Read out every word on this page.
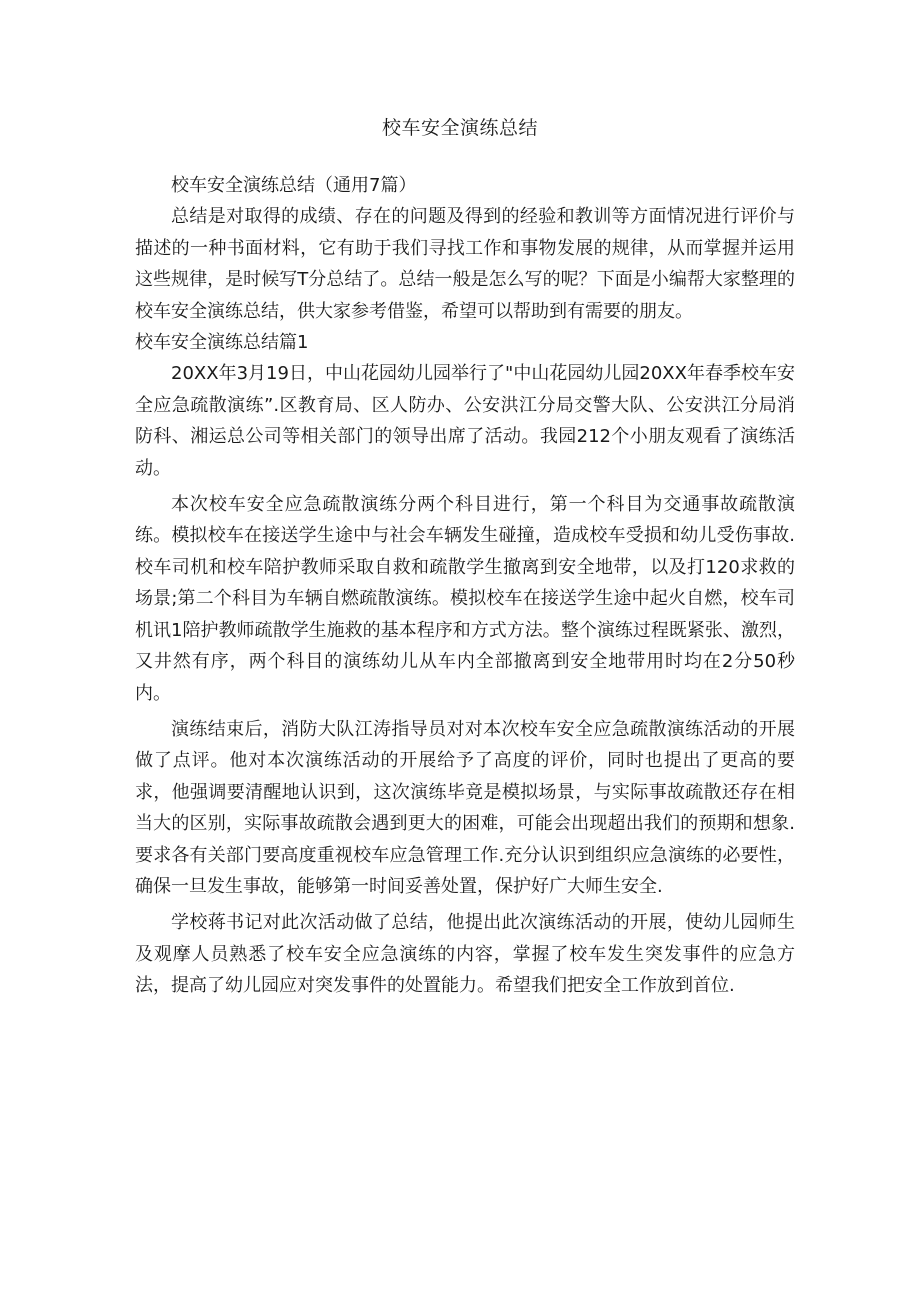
校车安全演练总结

校车安全演练总结（通用7篇）

总结是对取得的成绩、存在的问题及得到的经验和教训等方面情况进行评价与描述的一种书面材料，它有助于我们寻找工作和事物发展的规律，从而掌握并运用这些规律，是时候写T分总结了。总结一般是怎么写的呢？下面是小编帮大家整理的校车安全演练总结，供大家参考借鉴，希望可以帮助到有需要的朋友。

校车安全演练总结篇1

20XX年3月19日，中山花园幼儿园举行了"中山花园幼儿园20XX年春季校车安全应急疏散演练”.区教育局、区人防办、公安洪江分局交警大队、公安洪江分局消防科、湘运总公司等相关部门的领导出席了活动。我园212个小朋友观看了演练活动。

本次校车安全应急疏散演练分两个科目进行，第一个科目为交通事故疏散演练。模拟校车在接送学生途中与社会车辆发生碰撞，造成校车受损和幼儿受伤事故.校车司机和校车陪护教师采取自救和疏散学生撤离到安全地带，以及打120求救的场景;第二个科目为车辆自燃疏散演练。模拟校车在接送学生途中起火自燃，校车司机讯1陪护教师疏散学生施救的基本程序和方式方法。整个演练过程既紧张、激烈，又井然有序，两个科目的演练幼儿从车内全部撤离到安全地带用时均在2分50秒内。

演练结束后，消防大队江涛指导员对对本次校车安全应急疏散演练活动的开展做了点评。他对本次演练活动的开展给予了高度的评价，同时也提出了更高的要求，他强调要清醒地认识到，这次演练毕竟是模拟场景，与实际事故疏散还存在相当大的区别，实际事故疏散会遇到更大的困难，可能会出现超出我们的预期和想象.要求各有关部门要高度重视校车应急管理工作.充分认识到组织应急演练的必要性，确保一旦发生事故，能够第一时间妥善处置，保护好广大师生安全.

学校蒋书记对此次活动做了总结，他提出此次演练活动的开展，使幼儿园师生及观摩人员熟悉了校车安全应急演练的内容，掌握了校车发生突发事件的应急方法，提高了幼儿园应对突发事件的处置能力。希望我们把安全工作放到首位.
